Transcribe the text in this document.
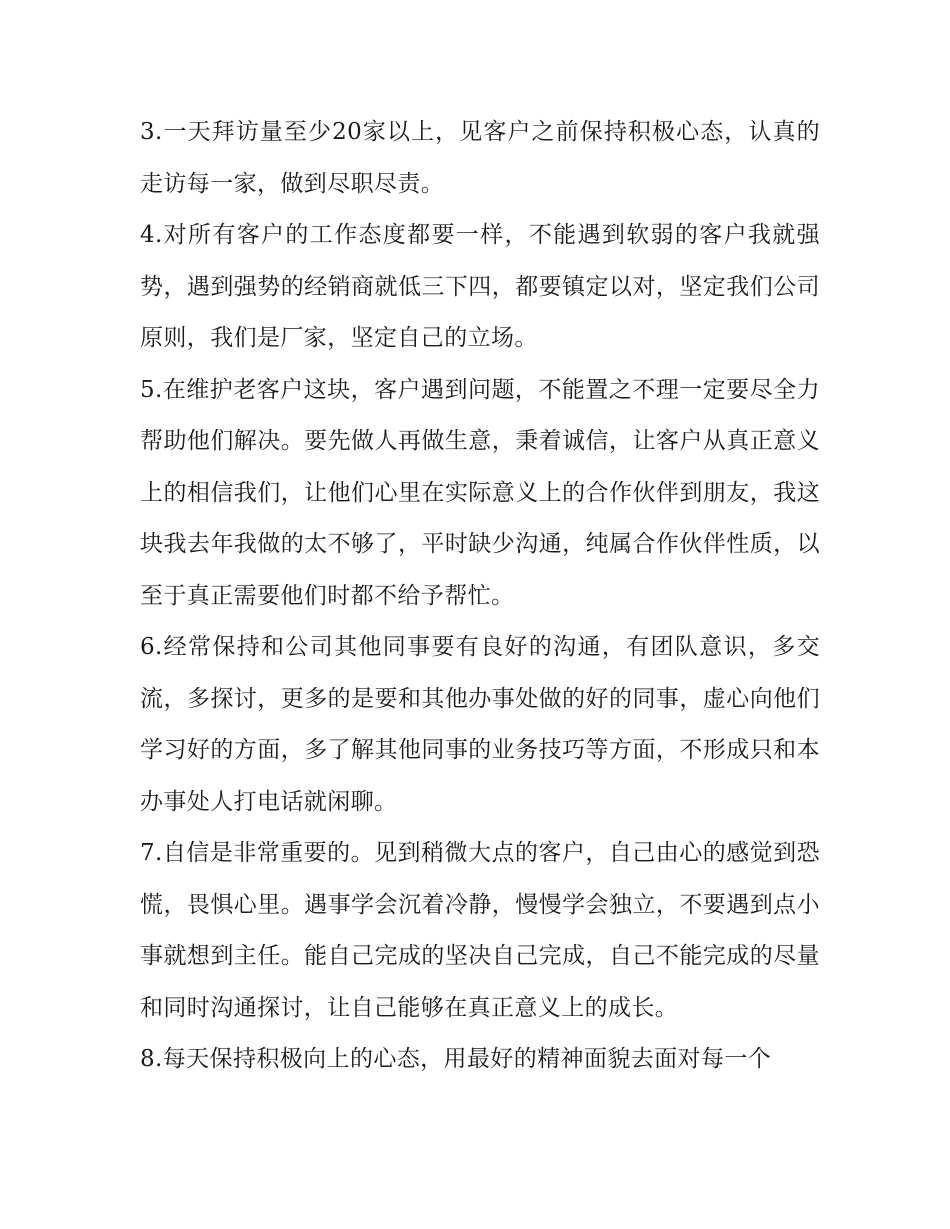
3.一天拜访量至少20家以上，见客户之前保持积极心态，认真的走访每一家，做到尽职尽责。

4.对所有客户的工作态度都要一样，不能遇到软弱的客户我就强势，遇到强势的经销商就低三下四，都要镇定以对，坚定我们公司原则，我们是厂家，坚定自己的立场。

5.在维护老客户这块，客户遇到问题，不能置之不理一定要尽全力帮助他们解决。要先做人再做生意，秉着诚信，让客户从真正意义上的相信我们，让他们心里在实际意义上的合作伙伴到朋友，我这块我去年我做的太不够了，平时缺少沟通，纯属合作伙伴性质，以至于真正需要他们时都不给予帮忙。

6.经常保持和公司其他同事要有良好的沟通，有团队意识，多交流，多探讨，更多的是要和其他办事处做的好的同事，虚心向他们学习好的方面，多了解其他同事的业务技巧等方面，不形成只和本办事处人打电话就闲聊。

7.自信是非常重要的。见到稍微大点的客户，自己由心的感觉到恐慌，畏惧心里。遇事学会沉着冷静，慢慢学会独立，不要遇到点小事就想到主任。能自己完成的坚决自己完成，自己不能完成的尽量和同时沟通探讨，让自己能够在真正意义上的成长。

8.每天保持积极向上的心态，用最好的精神面貌去面对每一个
